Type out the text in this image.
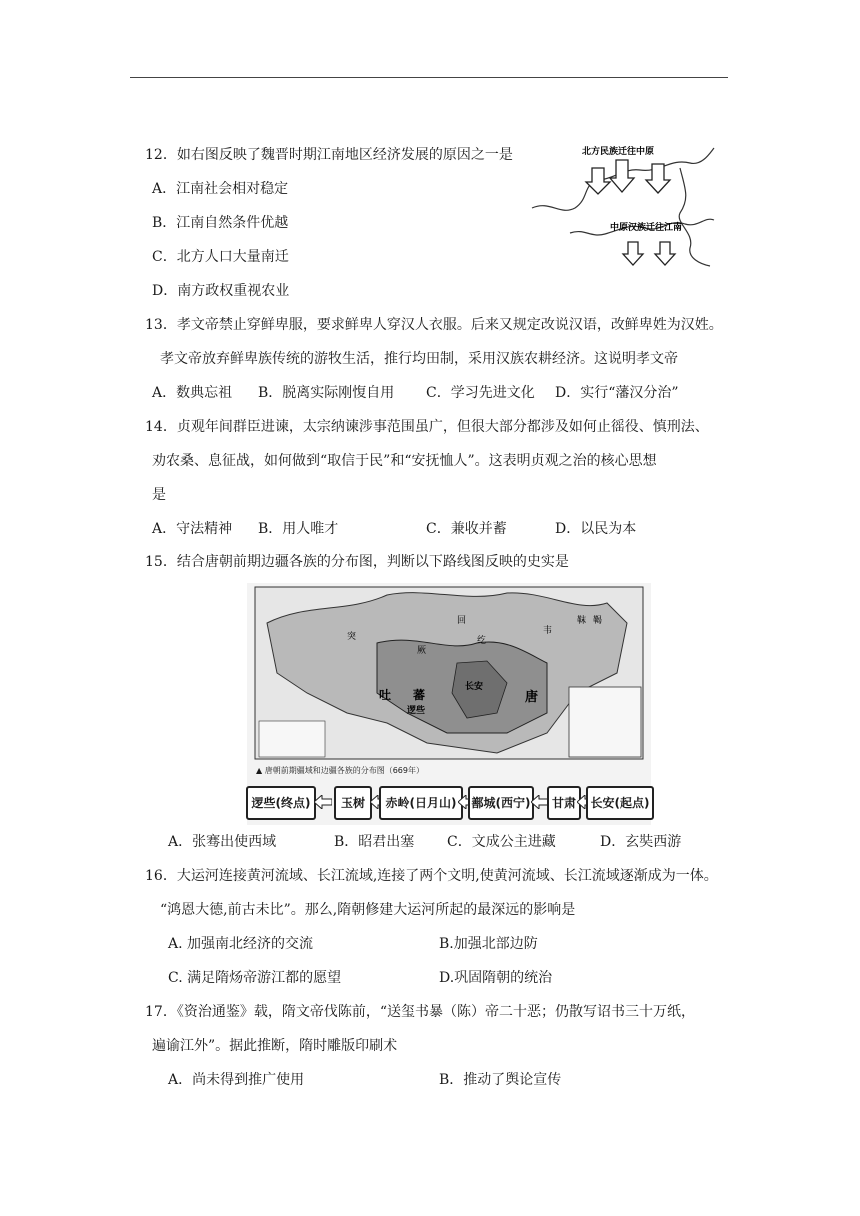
12．如右图反映了魏晋时期江南地区经济发展的原因之一是
A．江南社会相对稳定
B．江南自然条件优越
C．北方人口大量南迁
D．南方政权重视农业
北方民族迁往中原
中原汉族迁往江南
13．孝文帝禁止穿鲜卑服，要求鲜卑人穿汉人衣服。后来又规定改说汉语，改鲜卑姓为汉姓。
孝文帝放弃鲜卑族传统的游牧生活，推行均田制，采用汉族农耕经济。这说明孝文帝
A．数典忘祖 B．脱离实际刚愎自用 C．学习先进文化 D．实行“藩汉分治”
14．贞观年间群臣进谏，太宗纳谏涉事范围虽广，但很大部分都涉及如何止徭役、慎刑法、
劝农桑、息征战，如何做到“取信于民”和“安抚恤人”。这表明贞观之治的核心思想
是
A．守法精神 B．用人唯才	C．兼收并蓄	D．以民为本
15．结合唐朝前期边疆各族的分布图，判断以下路线图反映的史实是
回
纥
突
厥
吐 蕃	唐
长安
逻些
韦
靺 鞨
▲ 唐朝前期疆域和边疆各族的分布图（669年）
逻些(终点)	玉树	赤岭(日月山)	鄯城(西宁)	甘肃	长安(起点)
A．张骞出使西域	B．昭君出塞 C．文成公主进藏	D．玄奘西游
16．大运河连接黄河流域、长江流域,连接了两个文明,使黄河流域、长江流域逐渐成为一体。
“鸿恩大德,前古未比”。那么,隋朝修建大运河所起的最深远的影响是
A. 加强南北经济的交流	B.加强北部边防
C. 满足隋炀帝游江都的愿望	D.巩固隋朝的统治
17．《资治通鉴》载，隋文帝伐陈前，“送玺书暴（陈）帝二十恶；仍散写诏书三十万纸，
遍谕江外”。据此推断，隋时雕版印刷术
A．尚未得到推广使用	B．推动了舆论宣传
